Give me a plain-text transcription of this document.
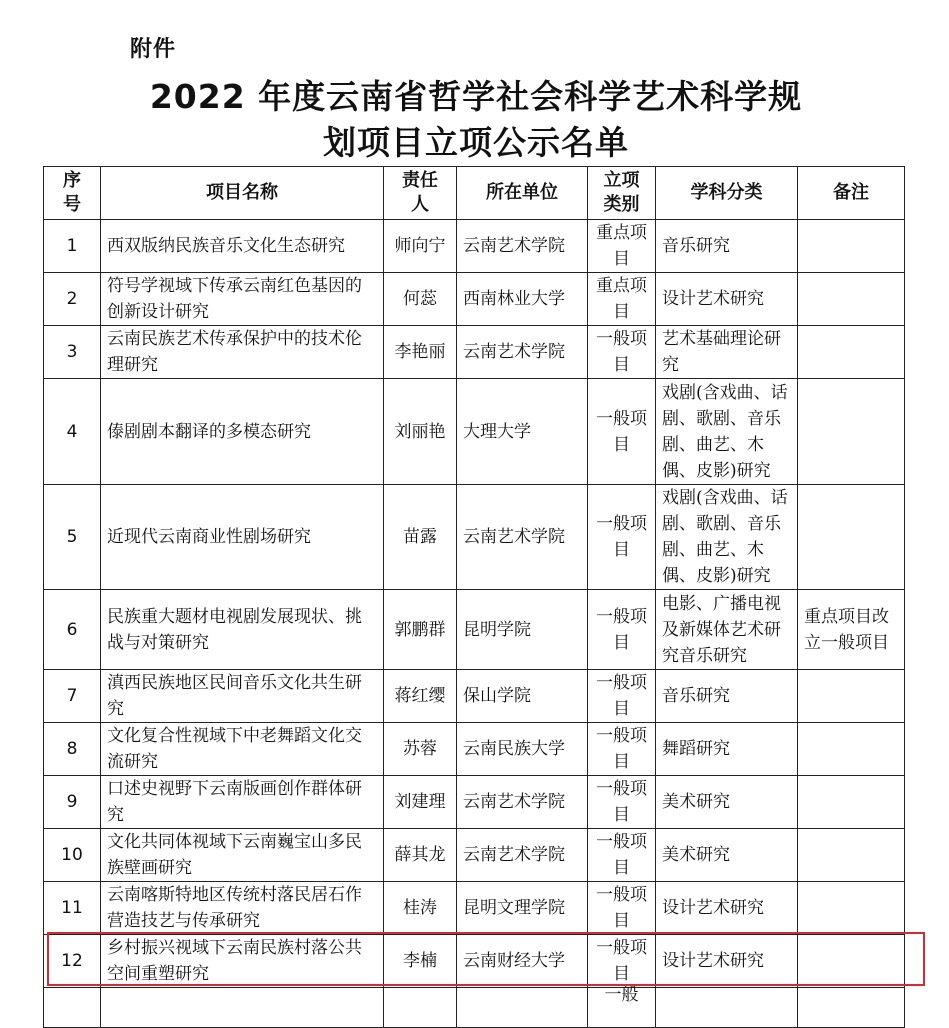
附件
2022 年度云南省哲学社会科学艺术科学规
划项目立项公示名单
序号	项目名称	责任人	所在单位	立项类别	学科分类	备注
1	西双版纳民族音乐文化生态研究	师向宁	云南艺术学院	重点项目	音乐研究	
2	符号学视域下传承云南红色基因的创新设计研究	何蕊	西南林业大学	重点项目	设计艺术研究	
3	云南民族艺术传承保护中的技术伦理研究	李艳丽	云南艺术学院	一般项目	艺术基础理论研究	
4	傣剧剧本翻译的多模态研究	刘丽艳	大理大学	一般项目	戏剧(含戏曲、话剧、歌剧、音乐剧、曲艺、木偶、皮影)研究	
5	近现代云南商业性剧场研究	苗露	云南艺术学院	一般项目	戏剧(含戏曲、话剧、歌剧、音乐剧、曲艺、木偶、皮影)研究	
6	民族重大题材电视剧发展现状、挑战与对策研究	郭鹏群	昆明学院	一般项目	电影、广播电视及新媒体艺术研究音乐研究	重点项目改立一般项目
7	滇西民族地区民间音乐文化共生研究	蒋红缨	保山学院	一般项目	音乐研究	
8	文化复合性视域下中老舞蹈文化交流研究	苏蓉	云南民族大学	一般项目	舞蹈研究	
9	口述史视野下云南版画创作群体研究	刘建理	云南艺术学院	一般项目	美术研究	
10	文化共同体视域下云南巍宝山多民族壁画研究	薛其龙	云南艺术学院	一般项目	美术研究	
11	云南喀斯特地区传统村落民居石作营造技艺与传承研究	桂涛	昆明文理学院	一般项目	设计艺术研究	
12	乡村振兴视域下云南民族村落公共空间重塑研究	李楠	云南财经大学	一般项目	设计艺术研究	
				一般		
